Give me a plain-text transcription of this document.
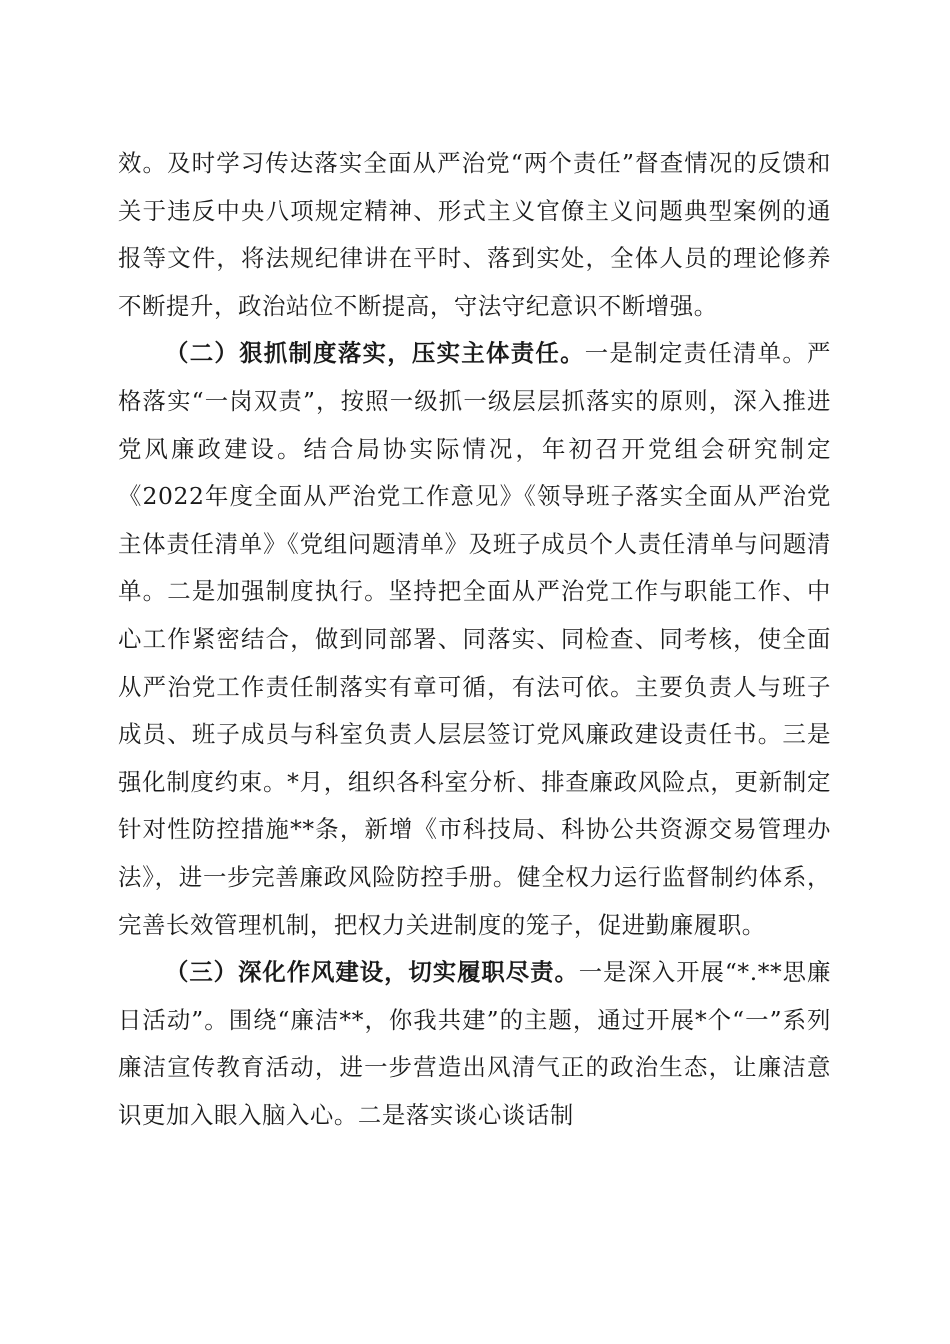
效。及时学习传达落实全面从严治党“两个责任”督查情况的反馈和关于违反中央八项规定精神、形式主义官僚主义问题典型案例的通报等文件，将法规纪律讲在平时、落到实处，全体人员的理论修养不断提升，政治站位不断提高，守法守纪意识不断增强。

（二）狠抓制度落实，压实主体责任。一是制定责任清单。严格落实“一岗双责”，按照一级抓一级层层抓落实的原则，深入推进党风廉政建设。结合局协实际情况，年初召开党组会研究制定《2022年度全面从严治党工作意见》《领导班子落实全面从严治党主体责任清单》《党组问题清单》及班子成员个人责任清单与问题清单。二是加强制度执行。坚持把全面从严治党工作与职能工作、中心工作紧密结合，做到同部署、同落实、同检查、同考核，使全面从严治党工作责任制落实有章可循，有法可依。主要负责人与班子成员、班子成员与科室负责人层层签订党风廉政建设责任书。三是强化制度约束。*月，组织各科室分析、排查廉政风险点，更新制定针对性防控措施**条，新增《市科技局、科协公共资源交易管理办法》，进一步完善廉政风险防控手册。健全权力运行监督制约体系，完善长效管理机制，把权力关进制度的笼子，促进勤廉履职。

（三）深化作风建设，切实履职尽责。一是深入开展“*.**思廉日活动”。围绕“廉洁**，你我共建”的主题，通过开展*个“一”系列廉洁宣传教育活动，进一步营造出风清气正的政治生态，让廉洁意识更加入眼入脑入心。二是落实谈心谈话制
